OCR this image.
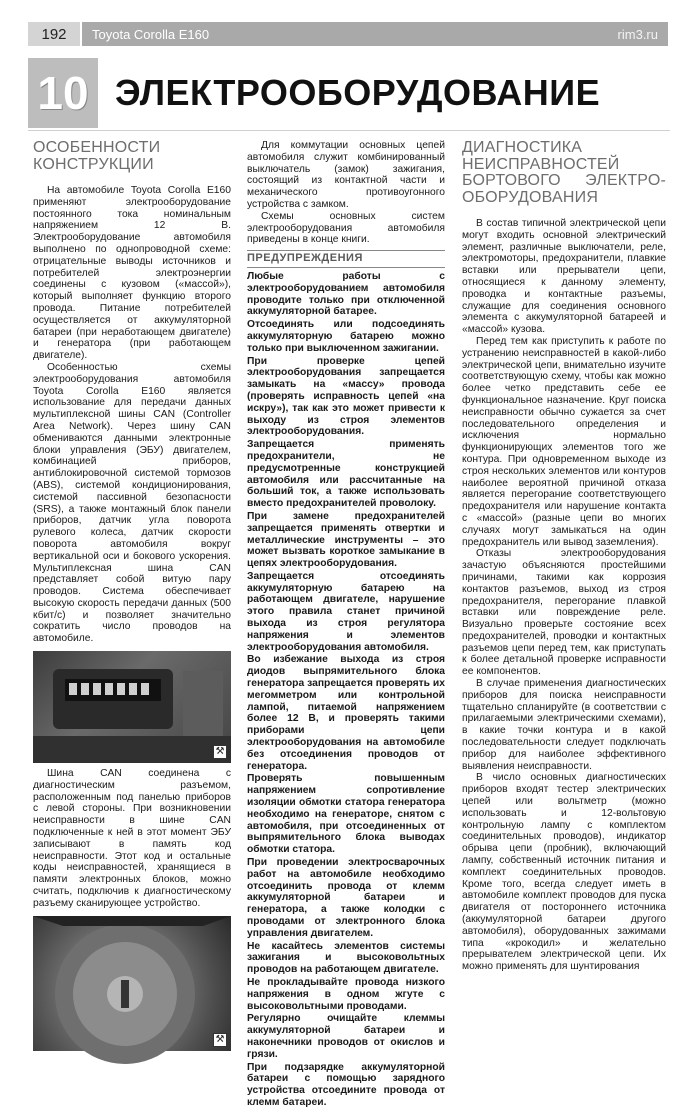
192	Toyota Corolla E160	rim3.ru
10 ЭЛЕКТРООБОРУДОВАНИЕ
ОСОБЕННОСТИ КОНСТРУКЦИИ

На автомобиле Toyota Corolla E160 применяют электрооборудование постоянного тока номинальным напряжением 12 В. Электрооборудование автомобиля выполнено по однопроводной схеме: отрицательные выводы источников и потребителей электроэнергии соединены с кузовом («массой»), который выполняет функцию второго провода. Питание потребителей осуществляется от аккумуляторной батареи (при неработающем двигателе) и генератора (при работающем двигателе).

Особенностью схемы электрооборудования автомобиля Toyota Corolla E160 является использование для передачи данных мультиплексной шины CAN (Controller Area Network). Через шину CAN обмениваются данными электронные блоки управления (ЭБУ) двигателем, комбинацией приборов, антиблокировочной системой тормозов (ABS), системой кондиционирования, системой пассивной безопасности (SRS), а также монтажный блок панели приборов, датчик угла поворота рулевого колеса, датчик скорости поворота автомобиля вокруг вертикальной оси и бокового ускорения. Мультиплексная шина CAN представляет собой витую пару проводов. Система обеспечивает высокую скорость передачи данных (500 кбит/с) и позволяет значительно сократить число проводов на автомобиле.

⚒

Шина CAN соединена с диагностическим разъемом, расположенным под панелью приборов с левой стороны. При возникновении неисправности в шине CAN подключенные к ней в этот момент ЭБУ записывают в память код неисправности. Этот код и остальные коды неисправностей, хранящиеся в памяти электронных блоков, можно считать, подключив к диагностическому разъему сканирующее устройство.

⚒

Для коммутации основных цепей автомобиля служит комбинированный выключатель (замок) зажигания, состоящий из контактной части и механического противоугонного устройства с замком.

Схемы основных систем электрооборудования автомобиля приведены в конце книги.

ПРЕДУПРЕЖДЕНИЯ

Любые работы с электрооборудованием автомобиля проводите только при отключенной аккумуляторной батарее.

Отсоединять или подсоединять аккумуляторную батарею можно только при выключенном зажигании.

При проверке цепей электрооборудования запрещается замыкать на «массу» провода (проверять исправность цепей «на искру»), так как это может привести к выходу из строя элементов электрооборудования.

Запрещается применять предохранители, не предусмотренные конструкцией автомобиля или рассчитанные на больший ток, а также использовать вместо предохранителей проволоку.

При замене предохранителей запрещается применять отвертки и металлические инструменты – это может вызвать короткое замыкание в цепях электрооборудования.

Запрещается отсоединять аккумуляторную батарею на работающем двигателе, нарушение этого правила станет причиной выхода из строя регулятора напряжения и элементов электрооборудования автомобиля.

Во избежание выхода из строя диодов выпрямительного блока генератора запрещается проверять их мегомметром или контрольной лампой, питаемой напряжением более 12 В, и проверять такими приборами цепи электрооборудования на автомобиле без отсоединения проводов от генератора.

Проверять повышенным напряжением сопротивление изоляции обмотки статора генератора необходимо на генераторе, снятом с автомобиля, при отсоединенных от выпрямительного блока выводах обмотки статора.

При проведении электросварочных работ на автомобиле необходимо отсоединить провода от клемм аккумуляторной батареи и генератора, а также колодки с проводами от электронного блока управления двигателем.

Не касайтесь элементов системы зажигания и высоковольтных проводов на работающем двигателе.

Не прокладывайте провода низкого напряжения в одном жгуте с высоковольтными проводами.

Регулярно очищайте клеммы аккумуляторной батареи и наконечники проводов от окислов и грязи.

При подзарядке аккумуляторной батареи с помощью зарядного устройства отсоедините провода от клемм батареи.

ДИАГНОСТИКА НЕИСПРАВНОСТЕЙ БОРТОВОГО ЭЛЕКТРО-ОБОРУДОВАНИЯ

В состав типичной электрической цепи могут входить основной электрический элемент, различные выключатели, реле, электромоторы, предохранители, плавкие вставки или прерыватели цепи, относящиеся к данному элементу, проводка и контактные разъемы, служащие для соединения основного элемента с аккумуляторной батареей и «массой» кузова.

Перед тем как приступить к работе по устранению неисправностей в какой-либо электрической цепи, внимательно изучите соответствующую схему, чтобы как можно более четко представить себе ее функциональное назначение. Круг поиска неисправности обычно сужается за счет последовательного определения и исключения нормально функционирующих элементов того же контура. При одновременном выходе из строя нескольких элементов или контуров наиболее вероятной причиной отказа является перегорание соответствующего предохранителя или нарушение контакта с «массой» (разные цепи во многих случаях могут замыкаться на один предохранитель или вывод заземления).

Отказы электрооборудования зачастую объясняются простейшими причинами, такими как коррозия контактов разъемов, выход из строя предохранителя, перегорание плавкой вставки или повреждение реле. Визуально проверьте состояние всех предохранителей, проводки и контактных разъемов цепи перед тем, как приступать к более детальной проверке исправности ее компонентов.

В случае применения диагностических приборов для поиска неисправности тщательно спланируйте (в соответствии с прилагаемыми электрическими схемами), в какие точки контура и в какой последовательности следует подключать прибор для наиболее эффективного выявления неисправности.

В число основных диагностических приборов входят тестер электрических цепей или вольтметр (можно использовать и 12-вольтовую контрольную лампу с комплектом соединительных проводов), индикатор обрыва цепи (пробник), включающий лампу, собственный источник питания и комплект соединительных проводов. Кроме того, всегда следует иметь в автомобиле комплект проводов для пуска двигателя от постороннего источника (аккумуляторной батареи другого автомобиля), оборудованных зажимами типа «крокодил» и желательно прерывателем электрической цепи. Их можно применять для шунтирования
